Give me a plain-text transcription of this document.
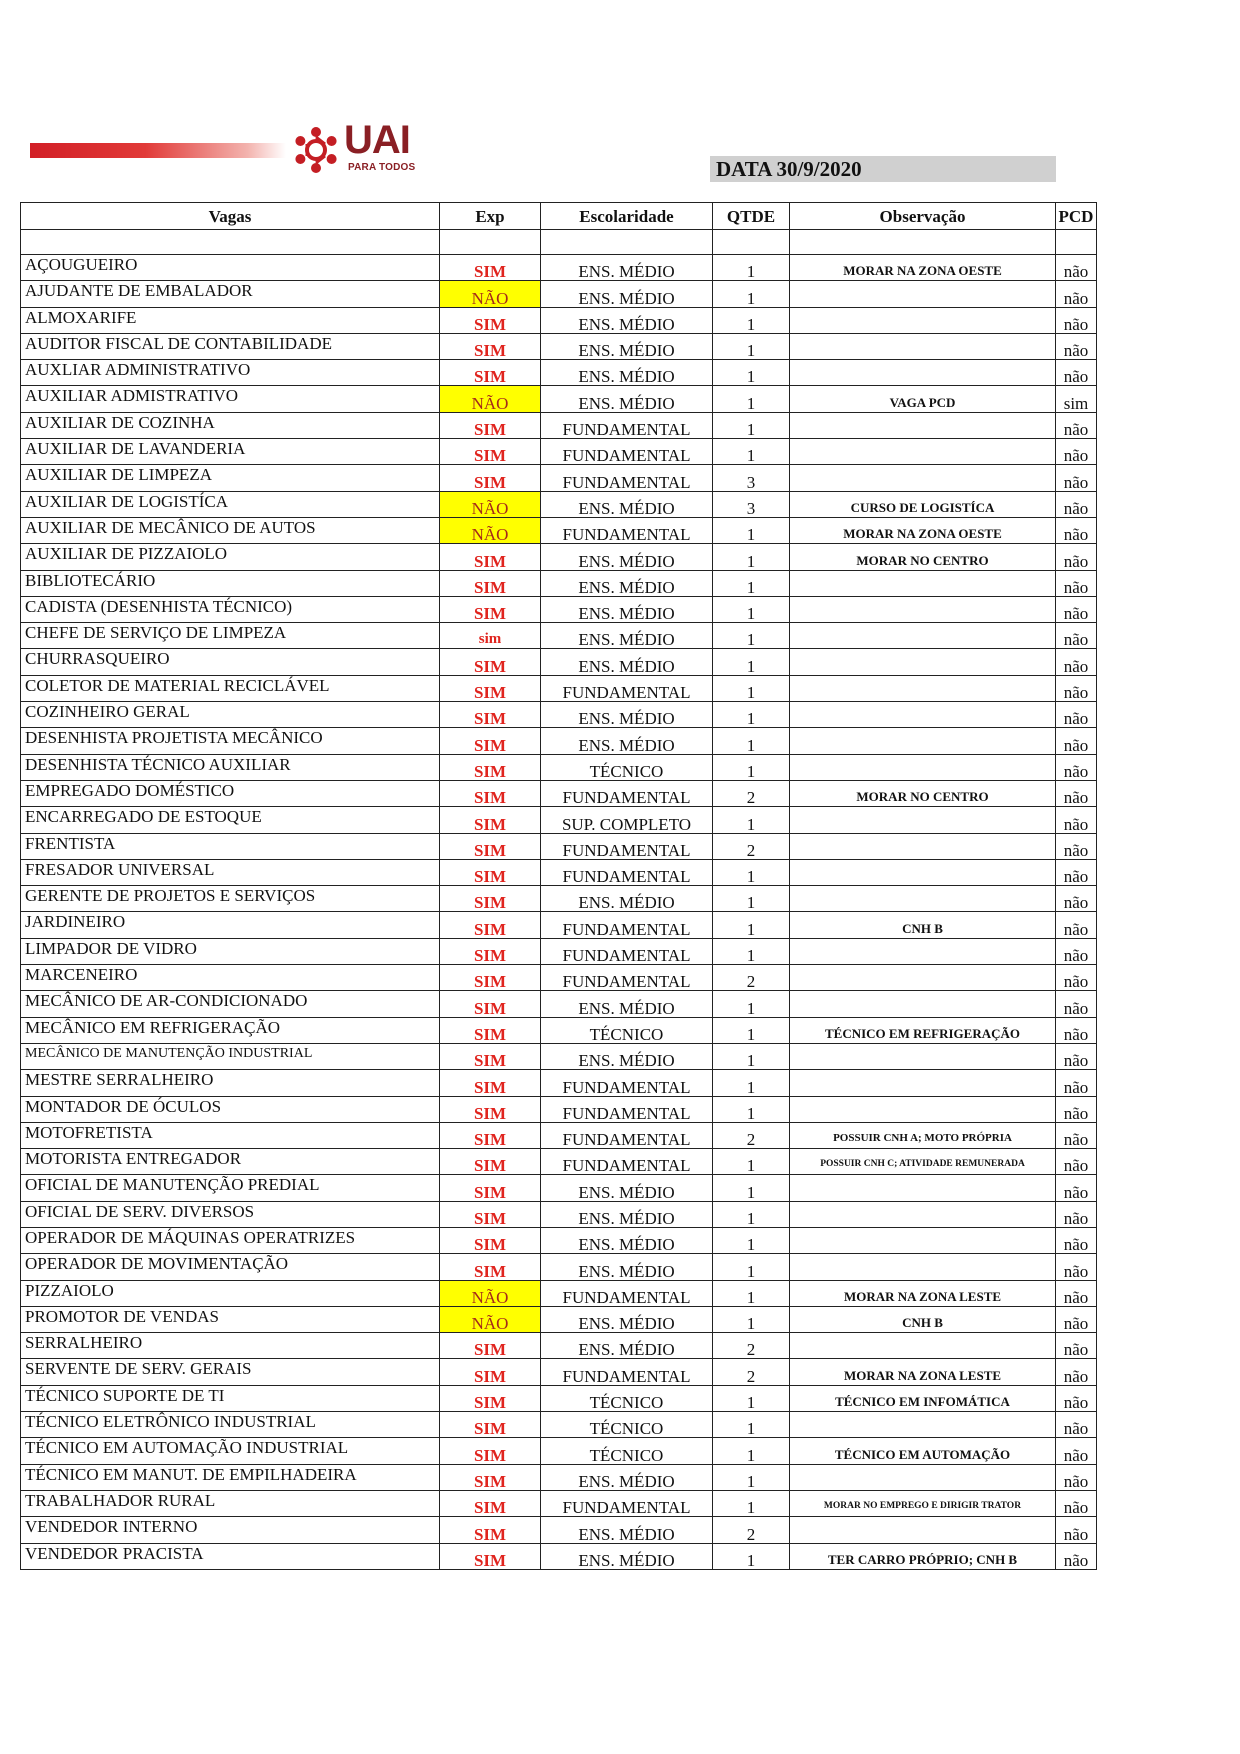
UAI
PARA TODOS	DATA 30/9/2020
Vagas	Exp	Escolaridade	QTDE	Observação	PCD

AÇOUGUEIRO	SIM	ENS. MÉDIO	1	MORAR NA ZONA OESTE	não
AJUDANTE DE EMBALADOR	NÃO	ENS. MÉDIO	1		não
ALMOXARIFE	SIM	ENS. MÉDIO	1		não
AUDITOR FISCAL DE CONTABILIDADE	SIM	ENS. MÉDIO	1		não
AUXLIAR ADMINISTRATIVO	SIM	ENS. MÉDIO	1		não
AUXILIAR ADMISTRATIVO	NÃO	ENS. MÉDIO	1	VAGA PCD	sim
AUXILIAR DE COZINHA	SIM	FUNDAMENTAL	1		não
AUXILIAR DE LAVANDERIA	SIM	FUNDAMENTAL	1		não
AUXILIAR DE LIMPEZA	SIM	FUNDAMENTAL	3		não
AUXILIAR DE LOGISTÍCA	NÃO	ENS. MÉDIO	3	CURSO DE LOGISTÍCA	não
AUXILIAR DE MECÂNICO DE AUTOS	NÃO	FUNDAMENTAL	1	MORAR NA ZONA OESTE	não
AUXILIAR DE PIZZAIOLO	SIM	ENS. MÉDIO	1	MORAR NO CENTRO	não
BIBLIOTECÁRIO	SIM	ENS. MÉDIO	1		não
CADISTA (DESENHISTA TÉCNICO)	SIM	ENS. MÉDIO	1		não
CHEFE DE SERVIÇO DE LIMPEZA	sim	ENS. MÉDIO	1		não
CHURRASQUEIRO	SIM	ENS. MÉDIO	1		não
COLETOR DE MATERIAL RECICLÁVEL	SIM	FUNDAMENTAL	1		não
COZINHEIRO GERAL	SIM	ENS. MÉDIO	1		não
DESENHISTA PROJETISTA MECÂNICO	SIM	ENS. MÉDIO	1		não
DESENHISTA TÉCNICO AUXILIAR	SIM	TÉCNICO	1		não
EMPREGADO DOMÉSTICO	SIM	FUNDAMENTAL	2	MORAR NO CENTRO	não
ENCARREGADO DE ESTOQUE	SIM	SUP. COMPLETO	1		não
FRENTISTA	SIM	FUNDAMENTAL	2		não
FRESADOR UNIVERSAL	SIM	FUNDAMENTAL	1		não
GERENTE DE PROJETOS E SERVIÇOS	SIM	ENS. MÉDIO	1		não
JARDINEIRO	SIM	FUNDAMENTAL	1	CNH B	não
LIMPADOR DE VIDRO	SIM	FUNDAMENTAL	1		não
MARCENEIRO	SIM	FUNDAMENTAL	2		não
MECÂNICO DE AR-CONDICIONADO	SIM	ENS. MÉDIO	1		não
MECÂNICO EM REFRIGERAÇÃO	SIM	TÉCNICO	1	TÉCNICO EM REFRIGERAÇÃO	não
MECÂNICO DE MANUTENÇÃO INDUSTRIAL	SIM	ENS. MÉDIO	1		não
MESTRE SERRALHEIRO	SIM	FUNDAMENTAL	1		não
MONTADOR DE ÓCULOS	SIM	FUNDAMENTAL	1		não
MOTOFRETISTA	SIM	FUNDAMENTAL	2	POSSUIR CNH A; MOTO PRÓPRIA	não
MOTORISTA ENTREGADOR	SIM	FUNDAMENTAL	1	POSSUIR CNH C; ATIVIDADE REMUNERADA	não
OFICIAL DE MANUTENÇÃO PREDIAL	SIM	ENS. MÉDIO	1		não
OFICIAL DE SERV. DIVERSOS	SIM	ENS. MÉDIO	1		não
OPERADOR DE MÁQUINAS OPERATRIZES	SIM	ENS. MÉDIO	1		não
OPERADOR DE MOVIMENTAÇÃO	SIM	ENS. MÉDIO	1		não
PIZZAIOLO	NÃO	FUNDAMENTAL	1	MORAR NA ZONA LESTE	não
PROMOTOR DE VENDAS	NÃO	ENS. MÉDIO	1	CNH B	não
SERRALHEIRO	SIM	ENS. MÉDIO	2		não
SERVENTE DE SERV. GERAIS	SIM	FUNDAMENTAL	2	MORAR NA ZONA LESTE	não
TÉCNICO SUPORTE DE TI	SIM	TÉCNICO	1	TÉCNICO EM INFOMÁTICA	não
TÉCNICO ELETRÔNICO INDUSTRIAL	SIM	TÉCNICO	1		não
TÉCNICO EM AUTOMAÇÃO INDUSTRIAL	SIM	TÉCNICO	1	TÉCNICO EM AUTOMAÇÃO	não
TÉCNICO EM MANUT. DE EMPILHADEIRA	SIM	ENS. MÉDIO	1		não
TRABALHADOR RURAL	SIM	FUNDAMENTAL	1	MORAR NO EMPREGO E DIRIGIR TRATOR	não
VENDEDOR INTERNO	SIM	ENS. MÉDIO	2		não
VENDEDOR PRACISTA	SIM	ENS. MÉDIO	1	TER CARRO PRÓPRIO; CNH B	não
